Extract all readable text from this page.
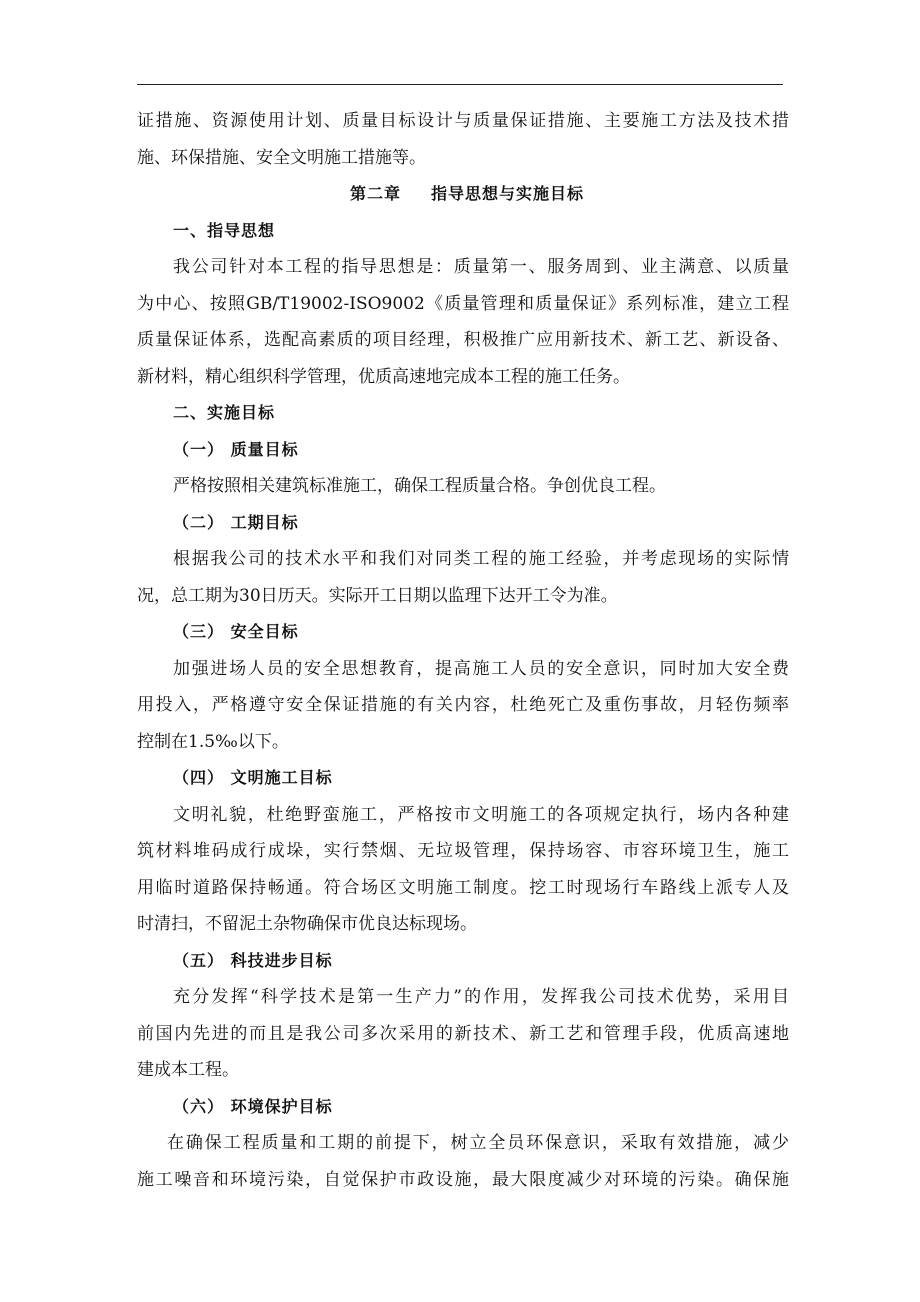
证措施、资源使用计划、质量目标设计与质量保证措施、主要施工方法及技术措
施、环保措施、安全文明施工措施等。
第二章 指导思想与实施目标
一、指导思想
我公司针对本工程的指导思想是：质量第一、服务周到、业主满意、以质量
为中心、按照GB/T19002-ISO9002《质量管理和质量保证》系列标准，建立工程
质量保证体系，选配高素质的项目经理，积极推广应用新技术、新工艺、新设备、
新材料，精心组织科学管理，优质高速地完成本工程的施工任务。
二、实施目标
（一） 质量目标
严格按照相关建筑标准施工，确保工程质量合格。争创优良工程。
（二） 工期目标
根据我公司的技术水平和我们对同类工程的施工经验，并考虑现场的实际情
况，总工期为30日历天。实际开工日期以监理下达开工令为准。
（三） 安全目标
加强进场人员的安全思想教育，提高施工人员的安全意识，同时加大安全费
用投入，严格遵守安全保证措施的有关内容，杜绝死亡及重伤事故，月轻伤频率
控制在1.5‰以下。
（四） 文明施工目标
文明礼貌，杜绝野蛮施工，严格按市文明施工的各项规定执行，场内各种建
筑材料堆码成行成垛，实行禁烟、无垃圾管理，保持场容、市容环境卫生，施工
用临时道路保持畅通。符合场区文明施工制度。挖工时现场行车路线上派专人及
时清扫，不留泥土杂物确保市优良达标现场。
（五） 科技进步目标
充分发挥“科学技术是第一生产力”的作用，发挥我公司技术优势，采用目
前国内先进的而且是我公司多次采用的新技术、新工艺和管理手段，优质高速地
建成本工程。
（六） 环境保护目标
在确保工程质量和工期的前提下，树立全员环保意识，采取有效措施，减少
施工噪音和环境污染，自觉保护市政设施，最大限度减少对环境的污染。确保施
